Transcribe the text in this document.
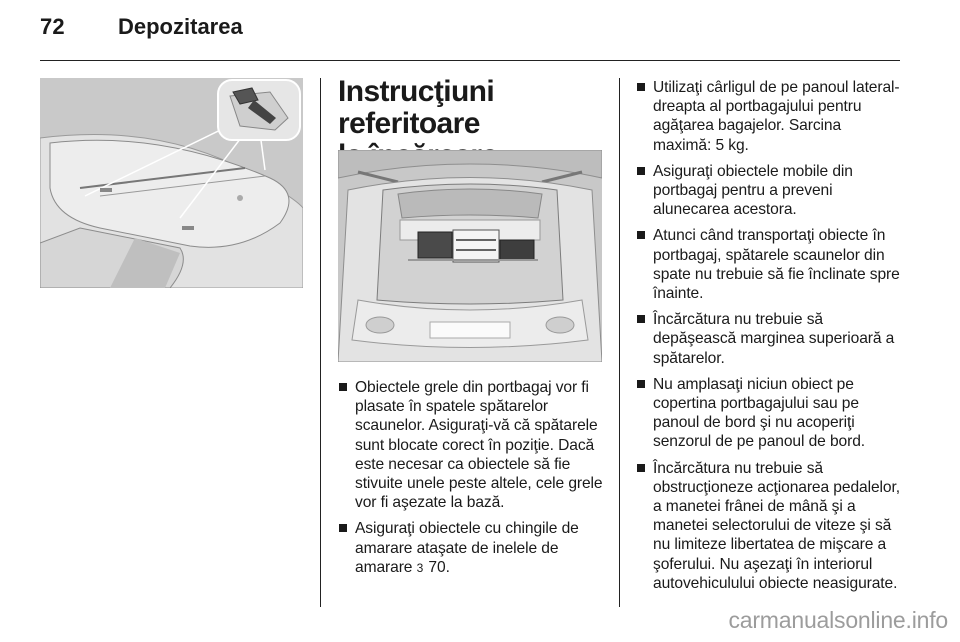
72 Depozitarea
Instrucţiuni referitoare

Obiectele grele din portbagaj vor fi plasate în spatele spătarelor scaunelor. Asiguraţi-vă că spătarele sunt blocate corect în poziţie. Dacă este necesar ca obiectele să fie stivuite unele peste altele, cele grele vor fi aşezate la bază.
Asiguraţi obiectele cu chingile de amarare ataşate de inelele de amarare 3 70.
Utilizaţi cârligul de pe panoul lateral-dreapta al portbagajului pentru agăţarea bagajelor. Sarcina maximă: 5 kg.
Asiguraţi obiectele mobile din portbagaj pentru a preveni alunecarea acestora.
Atunci când transportaţi obiecte în portbagaj, spătarele scaunelor din spate nu trebuie să fie înclinate spre înainte.
Încărcătura nu trebuie să depăşească marginea superioară a spătarelor.
Nu amplasaţi niciun obiect pe copertina portbagajului sau pe panoul de bord şi nu acoperiţi senzorul de pe panoul de bord.
Încărcătura nu trebuie să obstrucţioneze acţionarea pedalelor, a manetei frânei de mână şi a manetei selectorului de viteze şi să nu limiteze libertatea de mişcare a şoferului. Nu aşezaţi în interiorul autovehiculului obiecte neasigurate.
carmanualsonline.info
